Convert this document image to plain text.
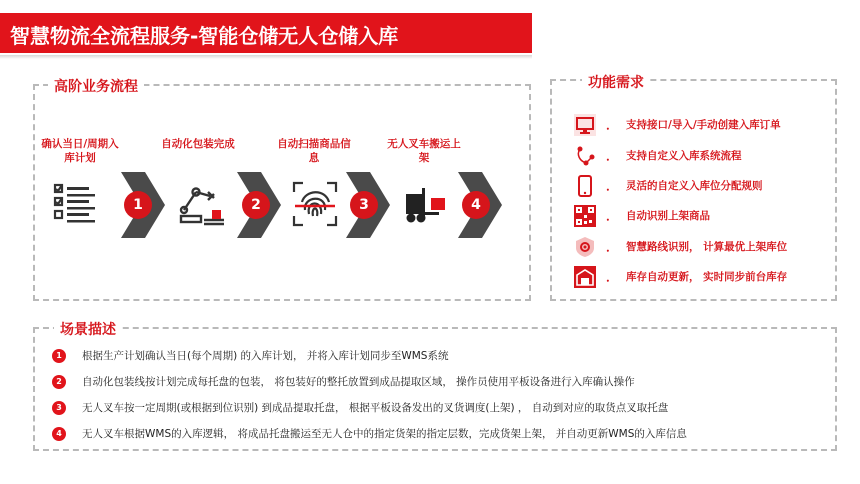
智慧物流全流程服务-智能仓储无人仓储入库
高阶业务流程
确认当日/周期入库计划
1
自动化包装完成
2
自动扫描商品信息
3
无人叉车搬运上架
4
功能需求
． 支持接口/导入/手动创建入库订单
． 支持自定义入库系统流程
． 灵活的自定义入库位分配规则
． 自动识别上架商品
． 智慧路线识别， 计算最优上架库位
． 库存自动更新， 实时同步前台库存
场景描述
1	根据生产计划确认当日(每个周期) 的入库计划， 并将入库计划同步至WMS系统
2	自动化包装线按计划完成每托盘的包装， 将包装好的整托放置到成品提取区域， 操作员使用平板设备进行入库确认操作
3	无人叉车按一定周期(或根据到位识别) 到成品提取托盘， 根据平板设备发出的叉货调度(上架) ， 自动到对应的取货点叉取托盘
4	无人叉车根据WMS的入库逻辑， 将成品托盘搬运至无人仓中的指定货架的指定层数，完成货架上架， 并自动更新WMS的入库信息
